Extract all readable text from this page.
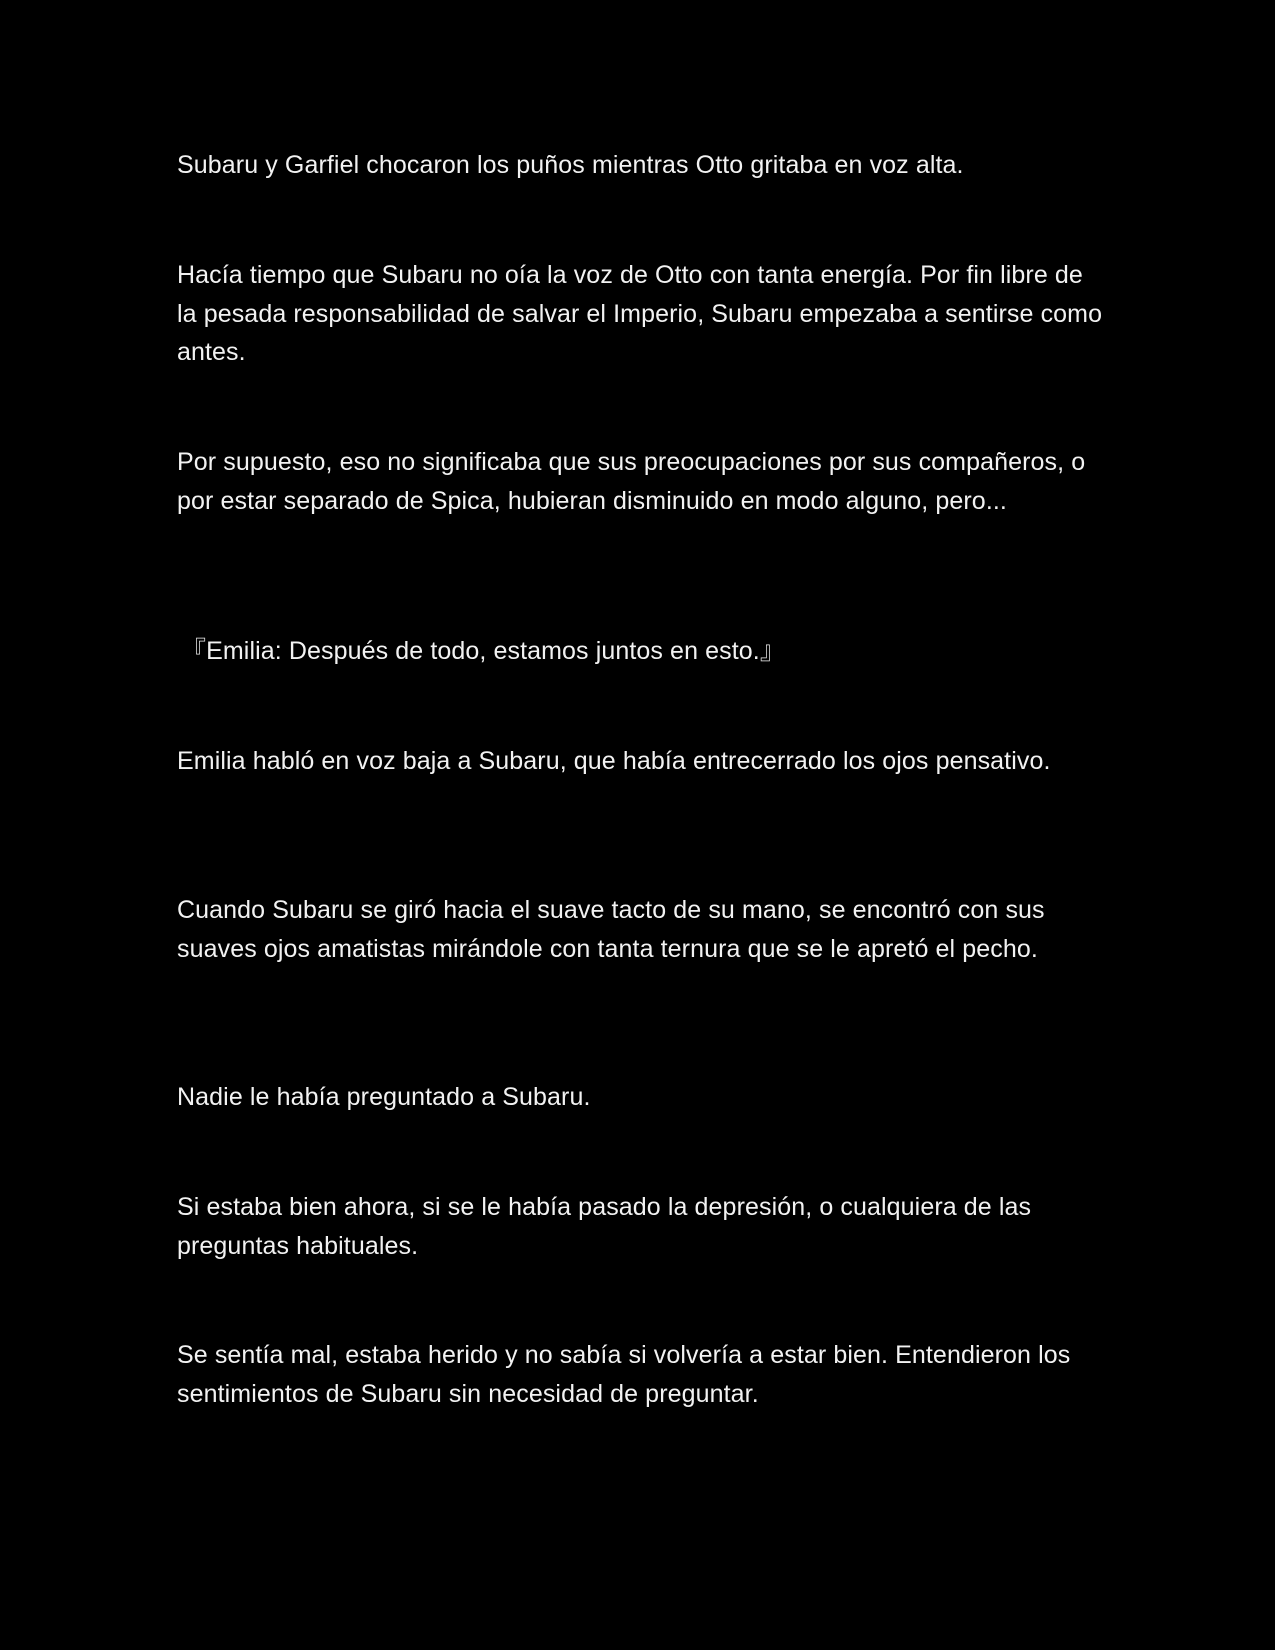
Subaru y Garfiel chocaron los puños mientras Otto gritaba en voz alta.

Hacía tiempo que Subaru no oía la voz de Otto con tanta energía. Por fin libre de la pesada responsabilidad de salvar el Imperio, Subaru empezaba a sentirse como antes.

Por supuesto, eso no significaba que sus preocupaciones por sus compañeros, o por estar separado de Spica, hubieran disminuido en modo alguno, pero...

『Emilia: Después de todo, estamos juntos en esto.』

Emilia habló en voz baja a Subaru, que había entrecerrado los ojos pensativo.

Cuando Subaru se giró hacia el suave tacto de su mano, se encontró con sus suaves ojos amatistas mirándole con tanta ternura que se le apretó el pecho.

Nadie le había preguntado a Subaru.

Si estaba bien ahora, si se le había pasado la depresión, o cualquiera de las preguntas habituales.

Se sentía mal, estaba herido y no sabía si volvería a estar bien. Entendieron los sentimientos de Subaru sin necesidad de preguntar.
